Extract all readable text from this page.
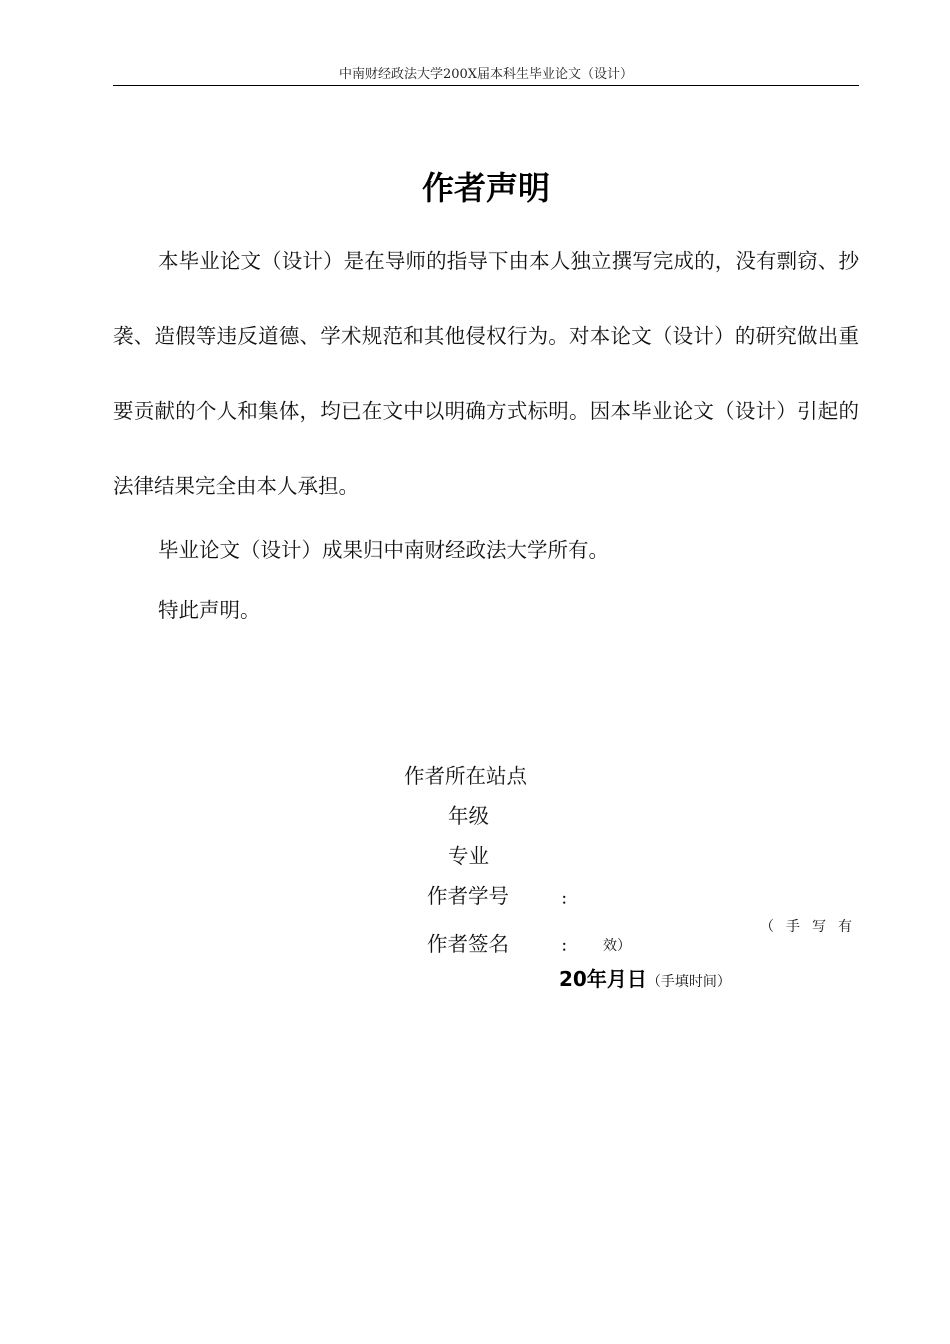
中南财经政法大学200X届本科生毕业论文（设计）
作者声明

本毕业论文（设计）是在导师的指导下由本人独立撰写完成的，没有剽窃、抄袭、造假等违反道德、学术规范和其他侵权行为。对本论文（设计）的研究做出重要贡献的个人和集体，均已在文中以明确方式标明。因本毕业论文（设计）引起的法律结果完全由本人承担。

毕业论文（设计）成果归中南财经政法大学所有。

特此声明。

作者所在站点
年级
专业
作者学号	：
作者签名	：
（手写有
效）
20年月日（手填时间）
